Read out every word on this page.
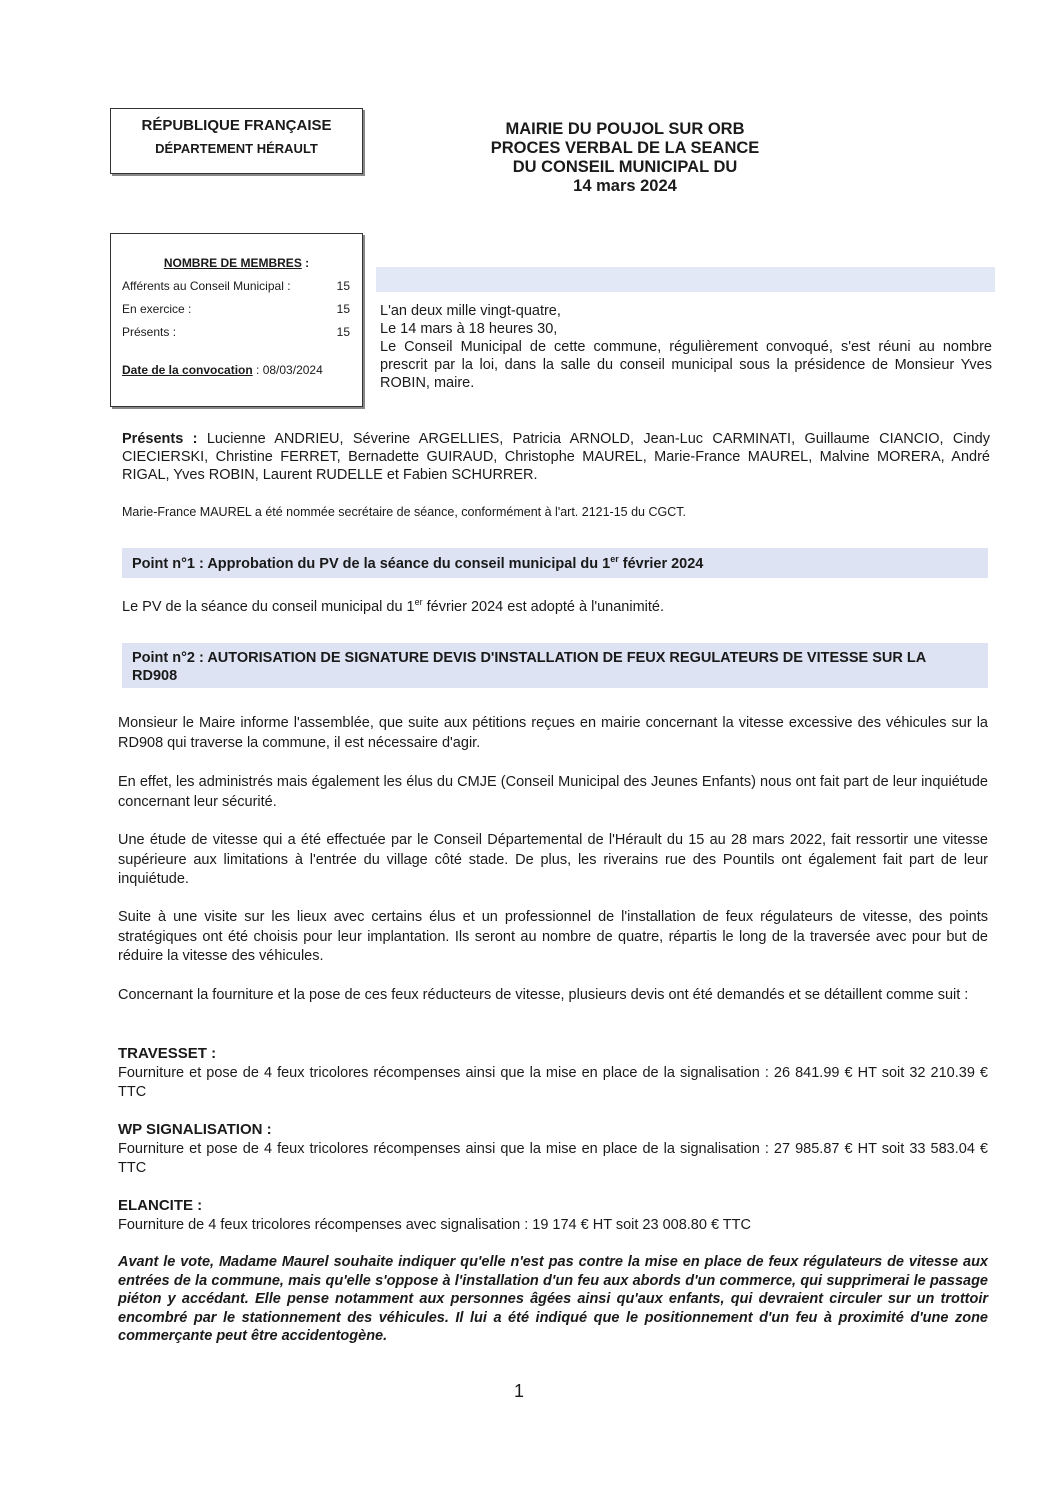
RÉPUBLIQUE FRANÇAISE
DÉPARTEMENT HÉRAULT
MAIRIE DU POUJOL SUR ORB
PROCES VERBAL DE LA SEANCE
DU CONSEIL MUNICIPAL DU
14 mars 2024
NOMBRE DE MEMBRES :
Afférents au Conseil Municipal :	15
En exercice :	15
Présents :	15
Date de la convocation : 08/03/2024
L'an deux mille vingt-quatre,
Le 14 mars à 18 heures 30,
Le Conseil Municipal de cette commune, régulièrement convoqué, s'est réuni au nombre prescrit par la loi, dans la salle du conseil municipal sous la présidence de Monsieur Yves ROBIN, maire.
Présents : Lucienne ANDRIEU, Séverine ARGELLIES, Patricia ARNOLD, Jean-Luc CARMINATI, Guillaume CIANCIO, Cindy CIECIERSKI, Christine FERRET, Bernadette GUIRAUD, Christophe MAUREL, Marie-France MAUREL, Malvine MORERA, André RIGAL, Yves ROBIN, Laurent RUDELLE et Fabien SCHURRER.
Marie-France MAUREL a été nommée secrétaire de séance, conformément à l'art. 2121-15 du CGCT.
Point n°1 : Approbation du PV de la séance du conseil municipal du 1er février 2024
Le PV de la séance du conseil municipal du 1er février 2024 est adopté à l'unanimité.
Point n°2 : AUTORISATION DE SIGNATURE DEVIS D'INSTALLATION DE FEUX REGULATEURS DE VITESSE SUR LA RD908
Monsieur le Maire informe l'assemblée, que suite aux pétitions reçues en mairie concernant la vitesse excessive des véhicules sur la RD908 qui traverse la commune, il est nécessaire d'agir.
En effet, les administrés mais également les élus du CMJE (Conseil Municipal des Jeunes Enfants) nous ont fait part de leur inquiétude concernant leur sécurité.
Une étude de vitesse qui a été effectuée par le Conseil Départemental de l'Hérault du 15 au 28 mars 2022, fait ressortir une vitesse supérieure aux limitations à l'entrée du village côté stade. De plus, les riverains rue des Pountils ont également fait part de leur inquiétude.
Suite à une visite sur les lieux avec certains élus et un professionnel de l'installation de feux régulateurs de vitesse, des points stratégiques ont été choisis pour leur implantation. Ils seront au nombre de quatre, répartis le long de la traversée avec pour but de réduire la vitesse des véhicules.
Concernant la fourniture et la pose de ces feux réducteurs de vitesse, plusieurs devis ont été demandés et se détaillent comme suit :
TRAVESSET :
Fourniture et pose de 4 feux tricolores récompenses ainsi que la mise en place de la signalisation : 26 841.99 € HT soit 32 210.39 € TTC
WP SIGNALISATION :
Fourniture et pose de 4 feux tricolores récompenses ainsi que la mise en place de la signalisation : 27 985.87 € HT soit 33 583.04 € TTC
ELANCITE :
Fourniture de 4 feux tricolores récompenses avec signalisation : 19 174 € HT soit 23 008.80 € TTC
Avant le vote, Madame Maurel souhaite indiquer qu'elle n'est pas contre la mise en place de feux régulateurs de vitesse aux entrées de la commune, mais qu'elle s'oppose à l'installation d'un feu aux abords d'un commerce, qui supprimerai le passage piéton y accédant. Elle pense notamment aux personnes âgées ainsi qu'aux enfants, qui devraient circuler sur un trottoir encombré par le stationnement des véhicules. Il lui a été indiqué que le positionnement d'un feu à proximité d'une zone commerçante peut être accidentogène.
1
